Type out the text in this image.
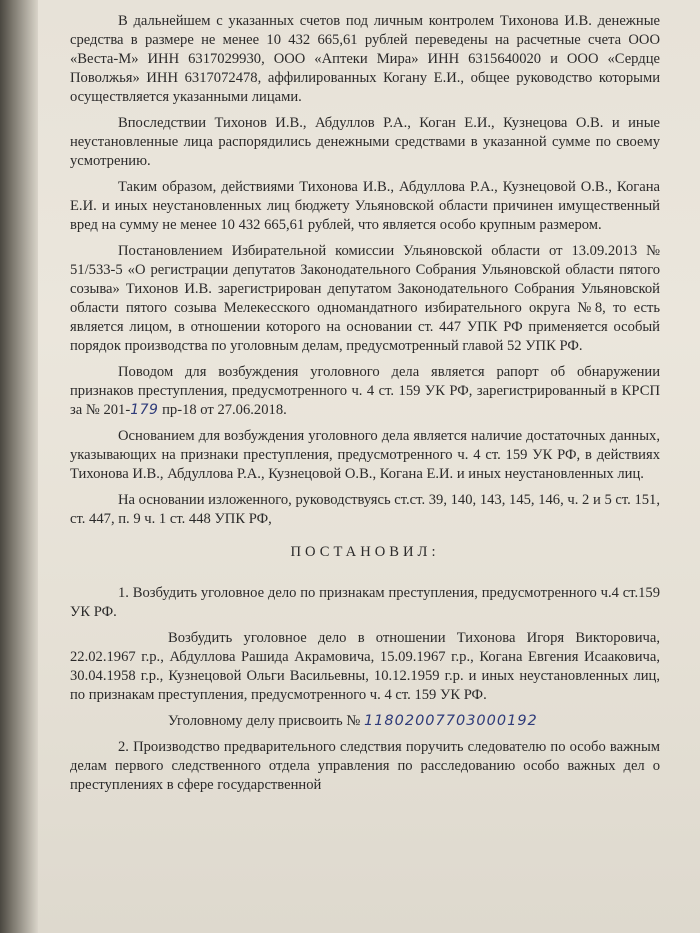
В дальнейшем с указанных счетов под личным контролем Тихонова И.В. денежные средства в размере не менее 10 432 665,61 рублей переведены на расчетные счета ООО «Веста-М» ИНН 6317029930, ООО «Аптеки Мира» ИНН 6315640020 и ООО «Сердце Поволжья» ИНН 6317072478, аффилированных Когану Е.И., общее руководство которыми осуществляется указанными лицами.

Впоследствии Тихонов И.В., Абдуллов Р.А., Коган Е.И., Кузнецова О.В. и иные неустановленные лица распорядились денежными средствами в указанной сумме по своему усмотрению.

Таким образом, действиями Тихонова И.В., Абдуллова Р.А., Кузнецовой О.В., Когана Е.И. и иных неустановленных лиц бюджету Ульяновской области причинен имущественный вред на сумму не менее 10 432 665,61 рублей, что является особо крупным размером.

Постановлением Избирательной комиссии Ульяновской области от 13.09.2013 № 51/533-5 «О регистрации депутатов Законодательного Собрания Ульяновской области пятого созыва» Тихонов И.В. зарегистрирован депутатом Законодательного Собрания Ульяновской области пятого созыва Мелекесского одномандатного избирательного округа №8, то есть является лицом, в отношении которого на основании ст. 447 УПК РФ применяется особый порядок производства по уголовным делам, предусмотренный главой 52 УПК РФ.

Поводом для возбуждения уголовного дела является рапорт об обнаружении признаков преступления, предусмотренного ч. 4 ст. 159 УК РФ, зарегистрированный в КРСП за № 201-179 пр-18 от 27.06.2018.

Основанием для возбуждения уголовного дела является наличие достаточных данных, указывающих на признаки преступления, предусмотренного ч. 4 ст. 159 УК РФ, в действиях Тихонова И.В., Абдуллова Р.А., Кузнецовой О.В., Когана Е.И. и иных неустановленных лиц.

На основании изложенного, руководствуясь ст.ст. 39, 140, 143, 145, 146, ч. 2 и 5 ст. 151, ст. 447, п. 9 ч. 1 ст. 448 УПК РФ,

ПОСТАНОВИЛ:

1. Возбудить уголовное дело по признакам преступления, предусмотренного ч.4 ст.159 УК РФ.

Возбудить уголовное дело в отношении Тихонова Игоря Викторовича, 22.02.1967 г.р., Абдуллова Рашида Акрамовича, 15.09.1967 г.р., Когана Евгения Исааковича, 30.04.1958 г.р., Кузнецовой Ольги Васильевны, 10.12.1959 г.р. и иных неустановленных лиц, по признакам преступления, предусмотренного ч. 4 ст. 159 УК РФ.

Уголовному делу присвоить № 11802007703000192

2. Производство предварительного следствия поручить следователю по особо важным делам первого следственного отдела управления по расследованию особо важных дел о преступлениях в сфере государственной
